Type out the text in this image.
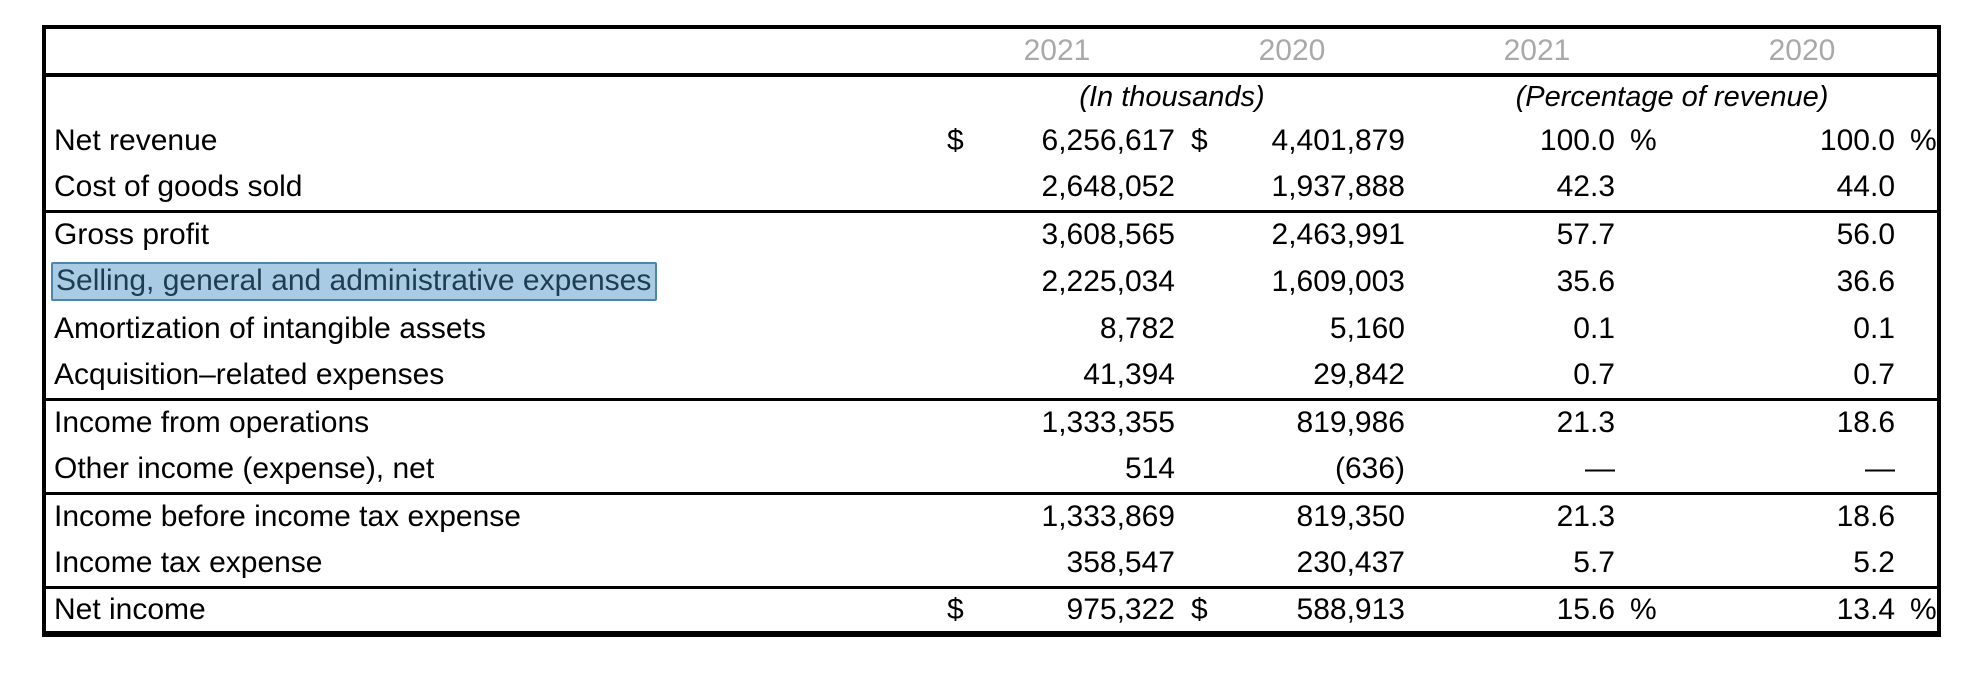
	2021		2020		2021		2020	
	(In thousands)				(Percentage of revenue)			
Net revenue	$	6,256,617	$	4,401,879	100.0	%	100.0	%
Cost of goods sold		2,648,052		1,937,888	42.3		44.0	
Gross profit		3,608,565		2,463,991	57.7		56.0	
Selling, general and administrative expenses		2,225,034		1,609,003	35.6		36.6	
Amortization of intangible assets		8,782		5,160	0.1		0.1	
Acquisition–related expenses		41,394		29,842	0.7		0.7	
Income from operations		1,333,355		819,986	21.3		18.6	
Other income (expense), net		514		(636)	—		—	
Income before income tax expense		1,333,869		819,350	21.3		18.6	
Income tax expense		358,547		230,437	5.7		5.2	
Net income	$	975,322	$	588,913	15.6	%	13.4	%
